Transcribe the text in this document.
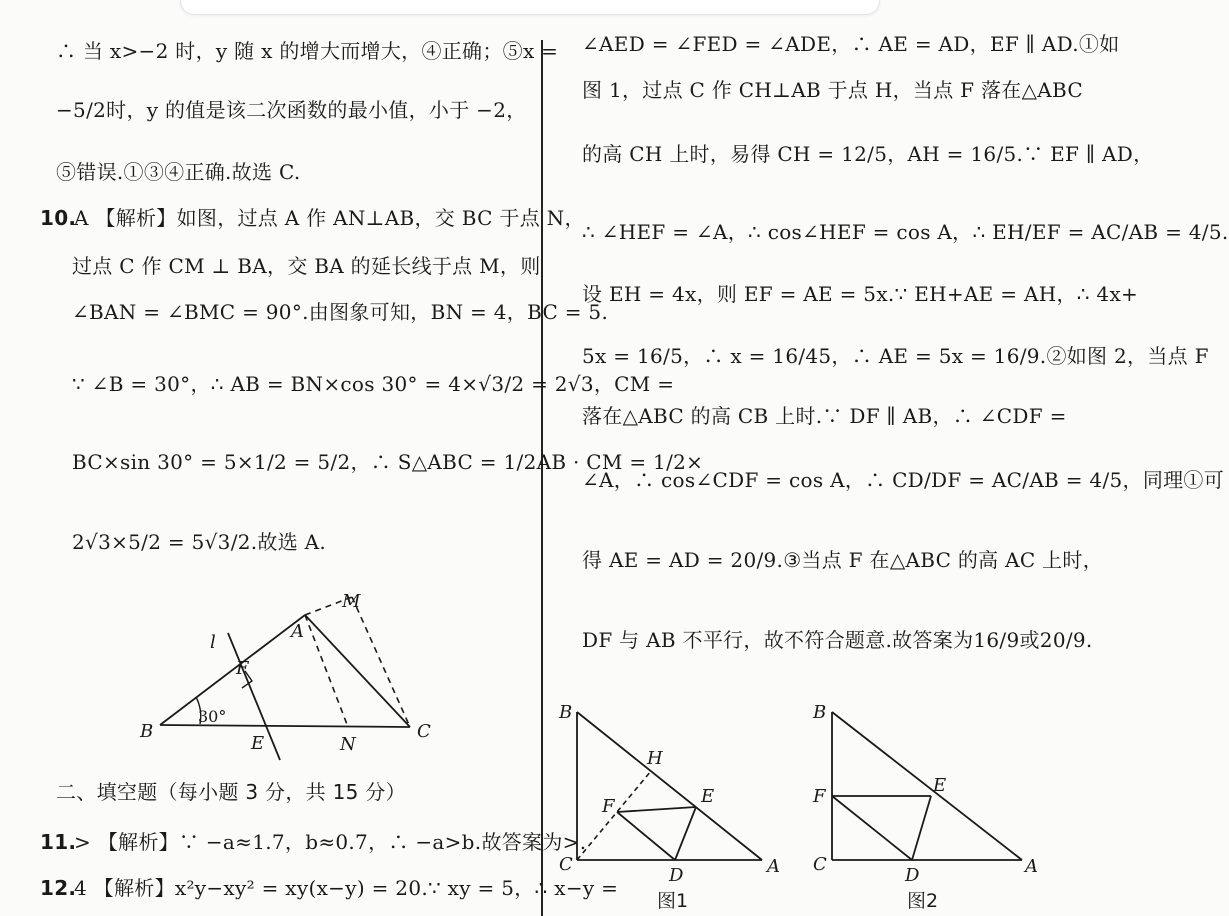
∴ 当 x>−2 时，y 随 x 的增大而增大，④正确；⑤x =
−5/2时，y 的值是该二次函数的最小值，小于 −2，
⑤错误.①③④正确.故选 C.
10.
A 【解析】如图，过点 A 作 AN⊥AB，交 BC 于点 N，
过点 C 作 CM ⊥ BA，交 BA 的延长线于点 M，则
∠BAN = ∠BMC = 90°.由图象可知，BN = 4，BC = 5.
∵ ∠B = 30°，∴ AB = BN×cos 30° = 4×√3/2 = 2√3，CM =
BC×sin 30° = 5×1/2 = 5/2，∴ S△ABC = 1/2AB · CM = 1/2×
2√3×5/2 = 5√3/2.故选 A.
M
A
l
F
B
E	N
C
30°
二、填空题（每小题 3 分，共 15 分）
11.
> 【解析】∵ −a≈1.7，b≈0.7，∴ −a>b.故答案为>.
12.
4 【解析】x²y−xy² = xy(x−y) = 20.∵ xy = 5，∴ x−y =
∠AED = ∠FED = ∠ADE，∴ AE = AD，EF ∥ AD.①如
图 1，过点 C 作 CH⊥AB 于点 H，当点 F 落在△ABC
的高 CH 上时，易得 CH = 12/5，AH = 16/5.∵ EF ∥ AD，
∴ ∠HEF = ∠A，∴ cos∠HEF = cos A，∴ EH/EF = AC/AB = 4/5.
设 EH = 4x，则 EF = AE = 5x.∵ EH+AE = AH，∴ 4x+
5x = 16/5，∴ x = 16/45，∴ AE = 5x = 16/9.②如图 2，当点 F
落在△ABC 的高 CB 上时.∵ DF ∥ AB，∴ ∠CDF =
∠A，∴ cos∠CDF = cos A，∴ CD/DF = AC/AB = 4/5，同理①可
得 AE = AD = 20/9.③当点 F 在△ABC 的高 AC 上时，
DF 与 AB 不平行，故不符合题意.故答案为16/9或20/9.
B
H
E
F
C
D	A
图1
B
E
F
C
D	A
图2
